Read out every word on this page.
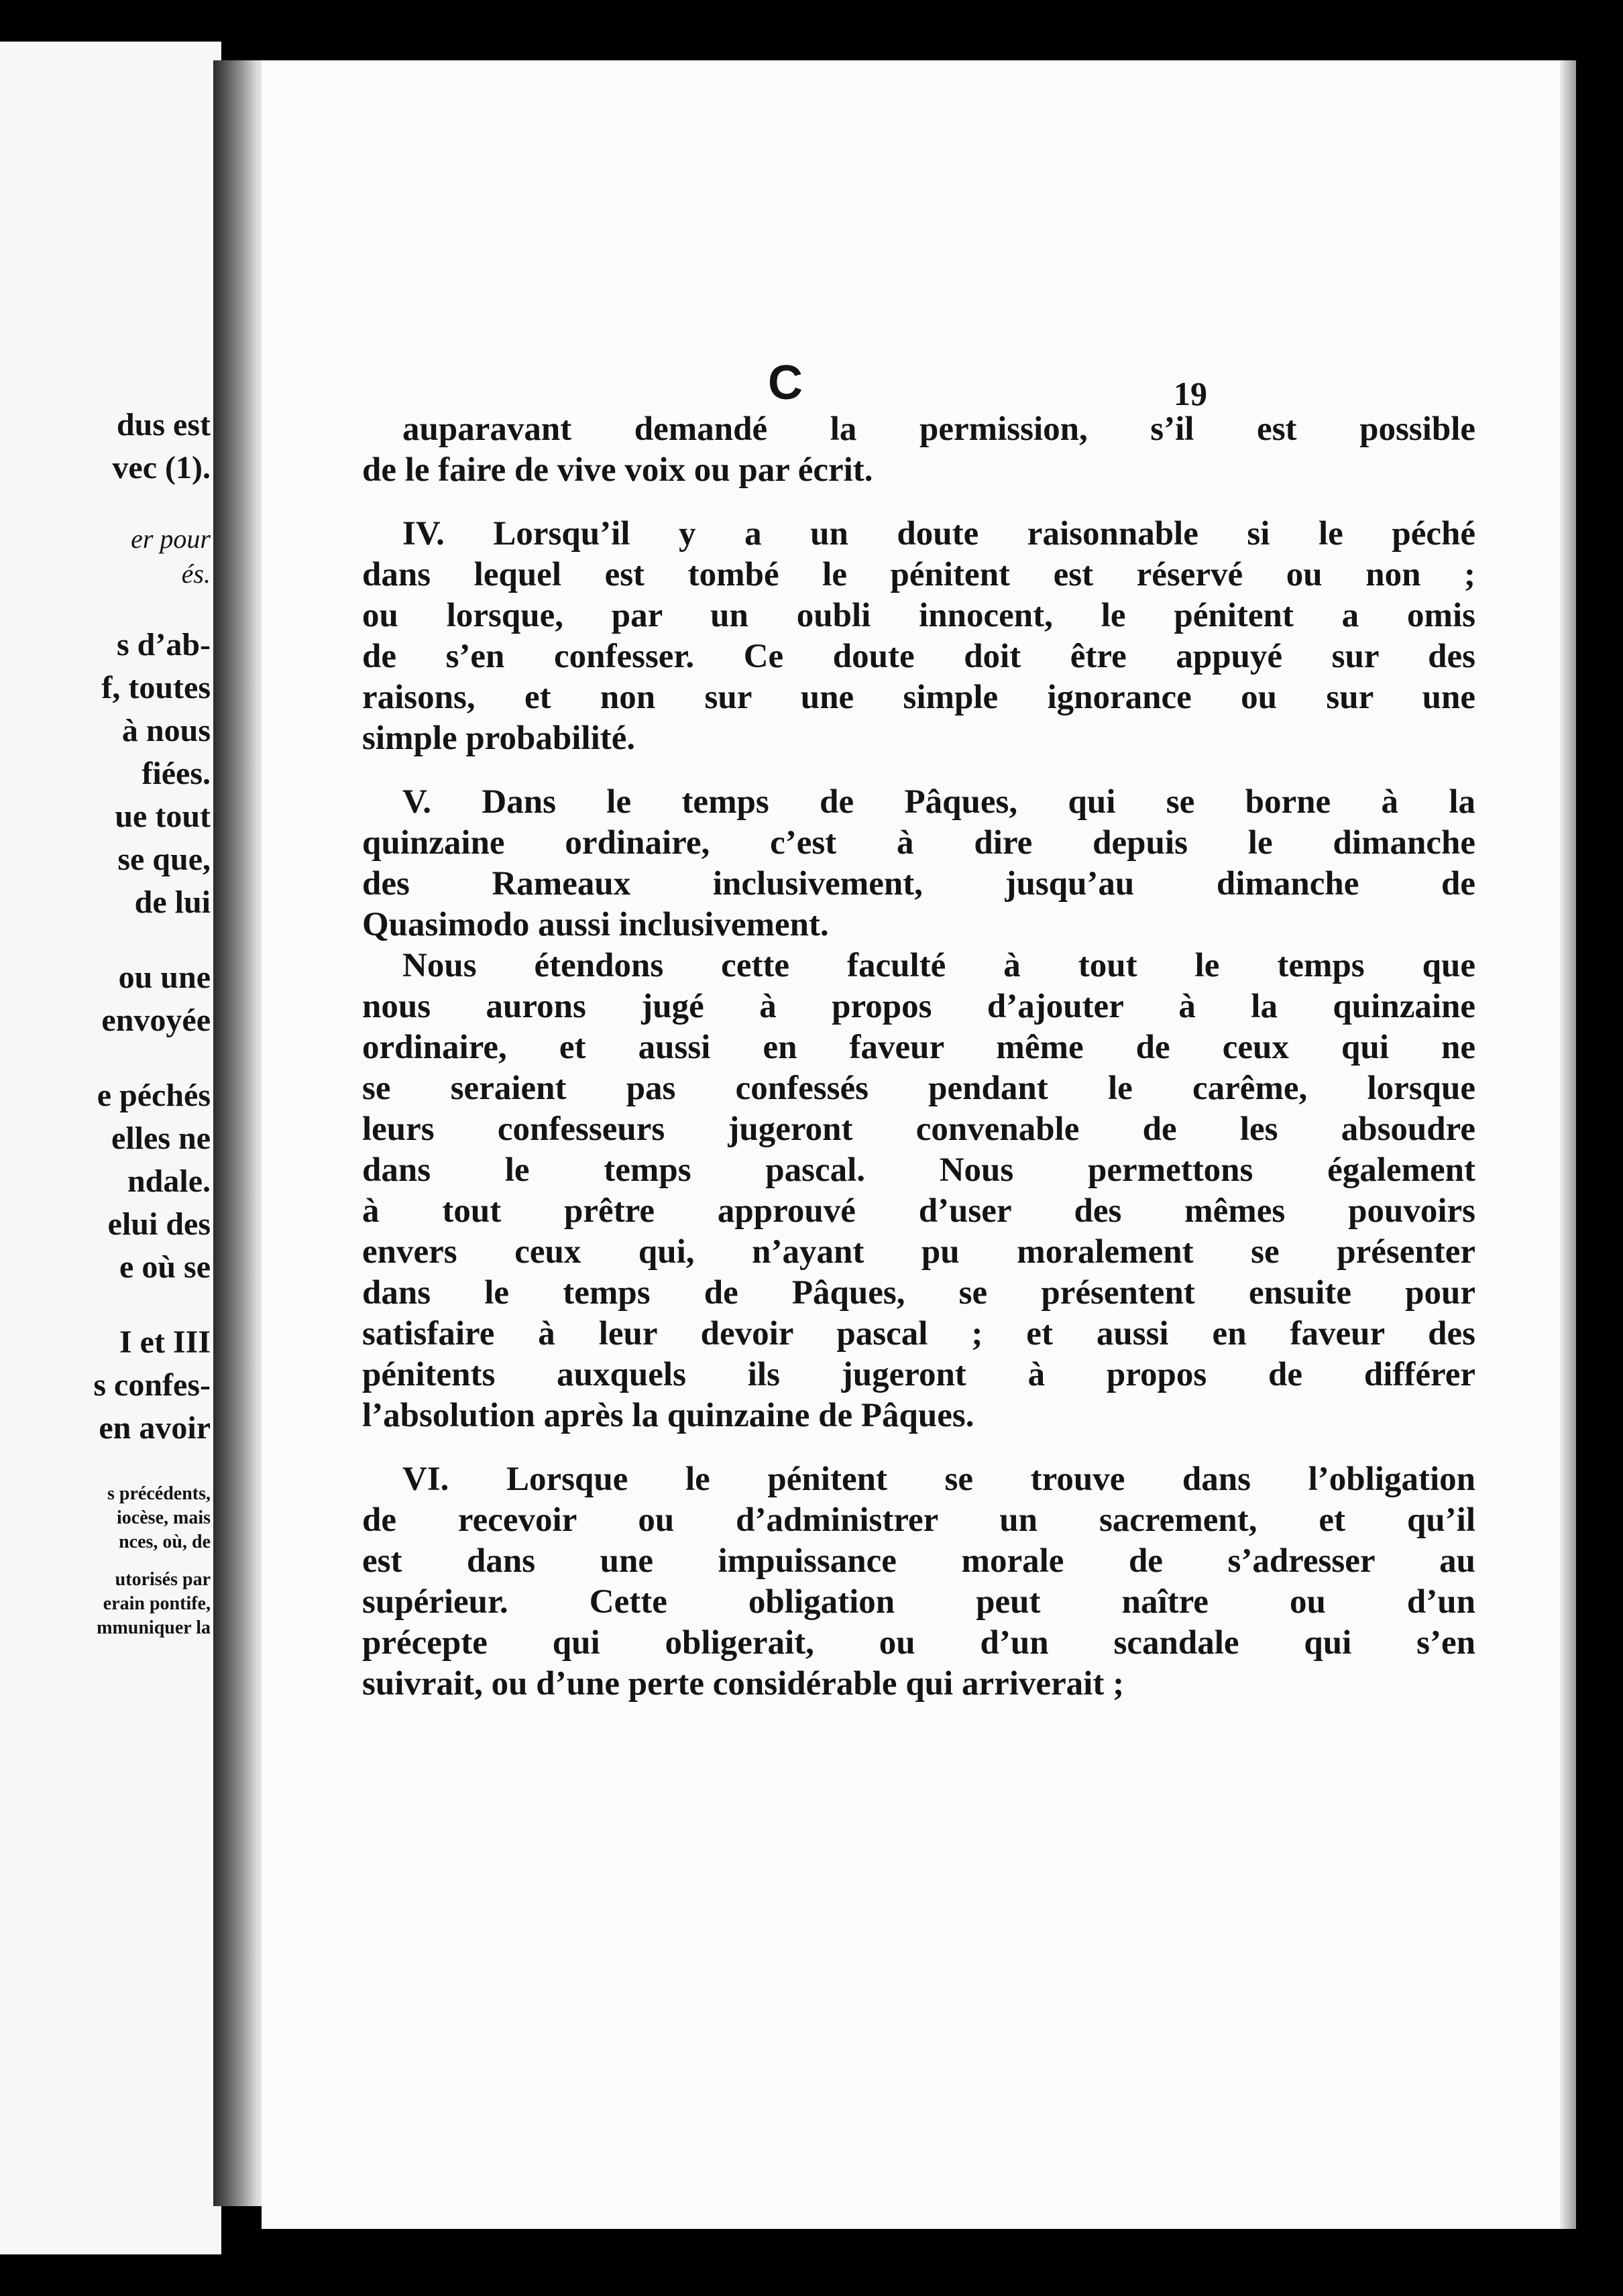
dus est
vec (1).
er pour
és.
s d’ab-
f, toutes
à nous
fiées.
ue tout
se que,
de lui
ou une
envoyée
e péchés
elles ne
ndale.
elui des
e où se
I et III
s confes-
en avoir
s précédents,
iocèse, mais
nces, où, de
utorisés par
erain pontife,
mmuniquer la
C	19
auparavant demandé la permission, s’il est possible
de le faire de vive voix ou par écrit.
IV. Lorsqu’il y a un doute raisonnable si le péché
dans lequel est tombé le pénitent est réservé ou non ;
ou lorsque, par un oubli innocent, le pénitent a omis
de s’en confesser. Ce doute doit être appuyé sur des
raisons, et non sur une simple ignorance ou sur une
simple probabilité.
V. Dans le temps de Pâques, qui se borne à la
quinzaine ordinaire, c’est à dire depuis le dimanche
des Rameaux inclusivement, jusqu’au dimanche de
Quasimodo aussi inclusivement.
Nous étendons cette faculté à tout le temps que
nous aurons jugé à propos d’ajouter à la quinzaine
ordinaire, et aussi en faveur même de ceux qui ne
se seraient pas confessés pendant le carême, lorsque
leurs confesseurs jugeront convenable de les absoudre
dans le temps pascal. Nous permettons également
à tout prêtre approuvé d’user des mêmes pouvoirs
envers ceux qui, n’ayant pu moralement se présenter
dans le temps de Pâques, se présentent ensuite pour
satisfaire à leur devoir pascal ; et aussi en faveur des
pénitents auxquels ils jugeront à propos de différer
l’absolution après la quinzaine de Pâques.
VI. Lorsque le pénitent se trouve dans l’obligation
de recevoir ou d’administrer un sacrement, et qu’il
est dans une impuissance morale de s’adresser au
supérieur. Cette obligation peut naître ou d’un
précepte qui obligerait, ou d’un scandale qui s’en
suivrait, ou d’une perte considérable qui arriverait ;
